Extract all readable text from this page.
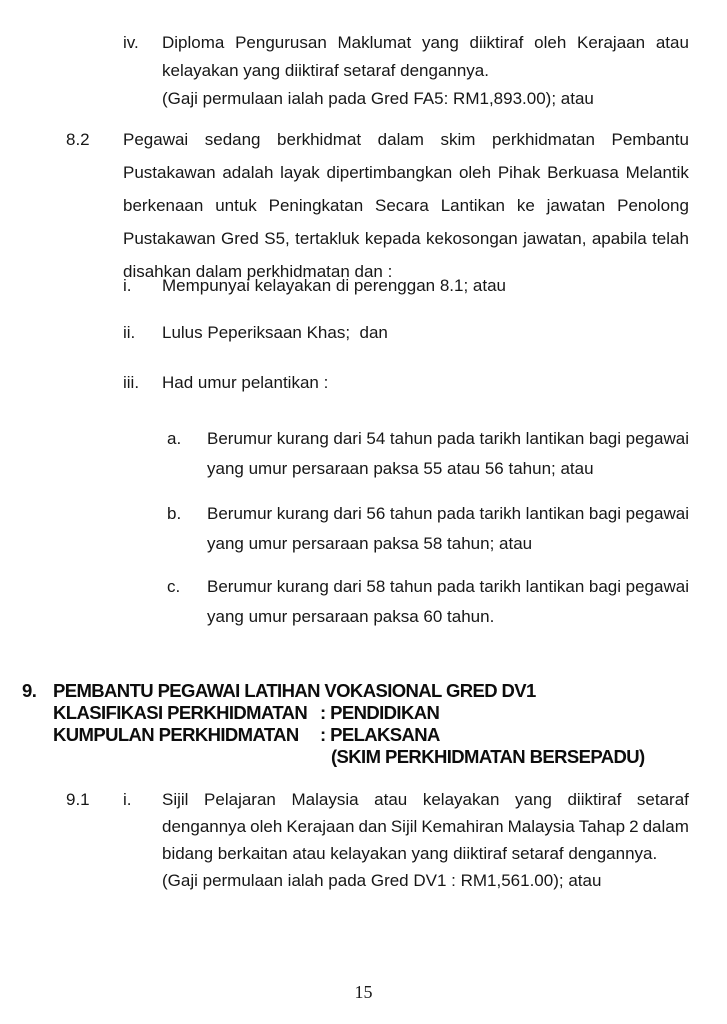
iv.	Diploma Pengurusan Maklumat yang diiktiraf oleh Kerajaan atau
kelayakan yang diiktiraf setaraf dengannya.
(Gaji permulaan ialah pada Gred FA5: RM1,893.00); atau
8.2	Pegawai sedang berkhidmat dalam skim perkhidmatan Pembantu
Pustakawan adalah layak dipertimbangkan oleh Pihak Berkuasa Melantik
berkenaan untuk Peningkatan Secara Lantikan ke jawatan Penolong
Pustakawan Gred S5, tertakluk kepada kekosongan jawatan, apabila telah
disahkan dalam perkhidmatan dan :
i.	Mempunyai kelayakan di perenggan 8.1; atau
ii.	Lulus Peperiksaan Khas;  dan
iii.	Had umur pelantikan :
a.	Berumur kurang dari 54 tahun pada tarikh lantikan bagi pegawai
yang umur persaraan paksa 55 atau 56 tahun; atau
b.	Berumur kurang dari 56 tahun pada tarikh lantikan bagi pegawai
yang umur persaraan paksa 58 tahun; atau
c.	Berumur kurang dari 58 tahun pada tarikh lantikan bagi pegawai
yang umur persaraan paksa 60 tahun.
9. PEMBANTU PEGAWAI LATIHAN VOKASIONAL GRED DV1
KLASIFIKASI PERKHIDMATAN : PENDIDIKAN
KUMPULAN PERKHIDMATAN	: PELAKSANA
(SKIM PERKHIDMATAN BERSEPADU)
9.1	i.	Sijil Pelajaran Malaysia atau kelayakan yang diiktiraf setaraf
dengannya oleh Kerajaan dan Sijil Kemahiran Malaysia Tahap 2 dalam
bidang berkaitan atau kelayakan yang diiktiraf setaraf dengannya.
(Gaji permulaan ialah pada Gred DV1 : RM1,561.00); atau
15
